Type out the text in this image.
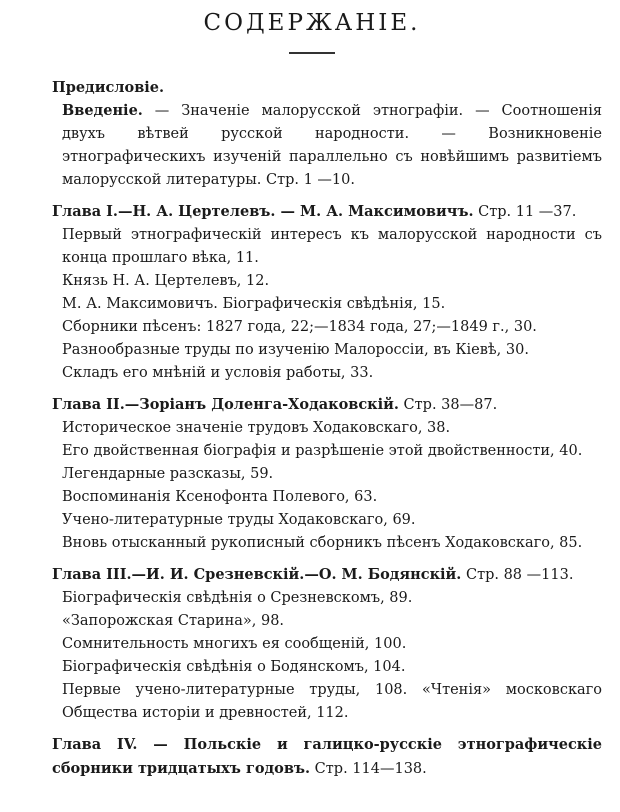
СОДЕРЖАНІЕ.

Предисловіе.

Введеніе. — Значеніе малорусской этнографіи. — Соотношенія двухъ вѣтвей русской народности. — Возникновеніе этнографическихъ изученій параллельно съ новѣйшимъ развитіемъ малорусской литературы. Стр. 1 —10.

Глава I.—Н. А. Цертелевъ. — М. А. Максимовичъ. Стр. 11 —37.

Первый этнографическій интересъ къ малорусской народности съ конца прошлаго вѣка, 11.

Князь Н. А. Цертелевъ, 12.

М. А. Максимовичъ. Біографическія свѣдѣнія, 15.

Сборники пѣсенъ: 1827 года, 22;—1834 года, 27;—1849 г., 30.

Разнообразные труды по изученію Малороссіи, въ Кіевѣ, 30.

Складъ его мнѣній и условія работы, 33.

Глава II.—Зоріанъ Доленга-Ходаковскій. Стр. 38—87.

Историческое значеніе трудовъ Ходаковскаго, 38.

Его двойственная біографія и разрѣшеніе этой двойственности, 40.

Легендарные разсказы, 59.

Воспоминанія Ксенофонта Полевого, 63.

Учено-литературные труды Ходаковскаго, 69.

Вновь отысканный рукописный сборникъ пѣсенъ Ходаковскаго, 85.

Глава III.—И. И. Срезневскій.—О. М. Бодянскій. Стр. 88 —113.

Біографическія свѣдѣнія о Срезневскомъ, 89.

«Запорожская Старина», 98.

Сомнительность многихъ ея сообщеній, 100.

Біографическія свѣдѣнія о Бодянскомъ, 104.

Первые учено-литературные труды, 108. «Чтенія» московскаго Общества исторіи и древностей, 112.

Глава IV. — Польскіе и галицко-русскіе этнографическіе сборники тридцатыхъ годовъ. Стр. 114—138.
